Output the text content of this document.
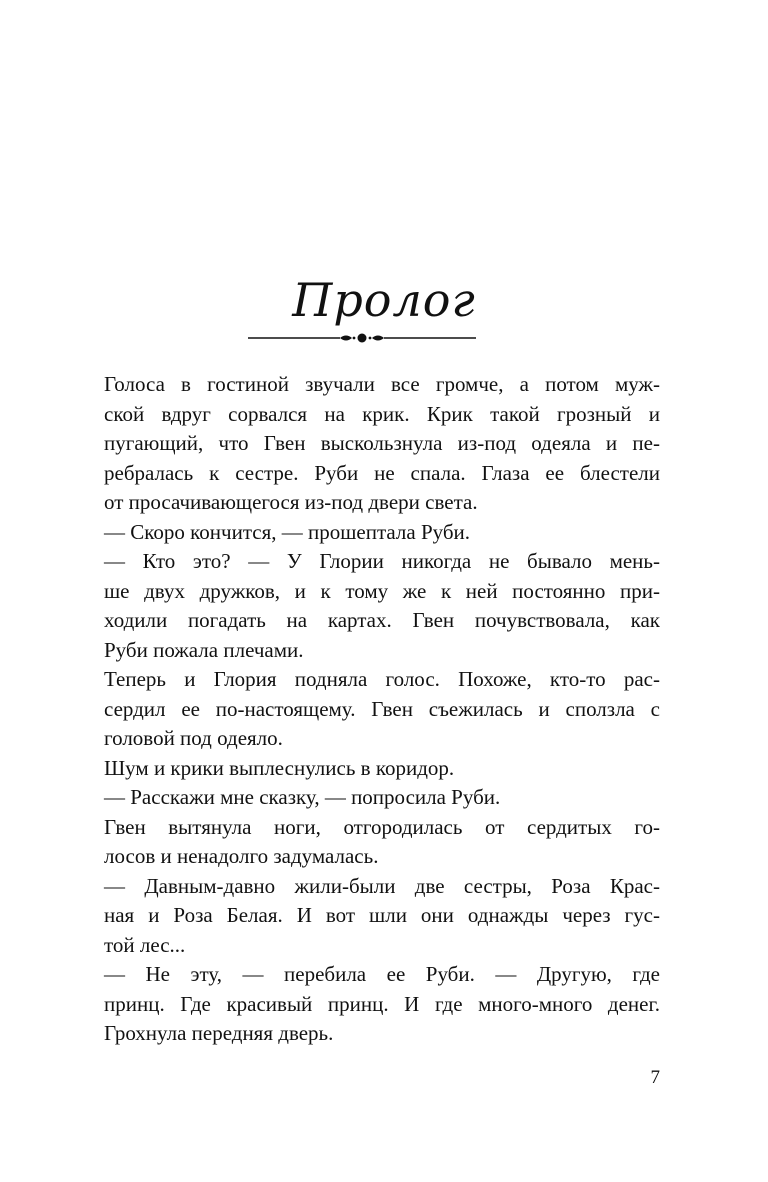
Пролог
Голоса в гостиной звучали все громче, а потом муж-
ской вдруг сорвался на крик. Крик такой грозный и
пугающий, что Гвен выскользнула из-под одеяла и пе-
ребралась к сестре. Руби не спала. Глаза ее блестели
от просачивающегося из-под двери света.
— Скоро кончится, — прошептала Руби.
— Кто это? — У Глории никогда не бывало мень-
ше двух дружков, и к тому же к ней постоянно при-
ходили погадать на картах. Гвен почувствовала, как
Руби пожала плечами.
Теперь и Глория подняла голос. Похоже, кто-то рас-
сердил ее по-настоящему. Гвен съежилась и сползла с
головой под одеяло.
Шум и крики выплеснулись в коридор.
— Расскажи мне сказку, — попросила Руби.
Гвен вытянула ноги, отгородилась от сердитых го-
лосов и ненадолго задумалась.
— Давным-давно жили-были две сестры, Роза Крас-
ная и Роза Белая. И вот шли они однажды через гус-
той лес...
— Не эту, — перебила ее Руби. — Другую, где
принц. Где красивый принц. И где много-много денег.
Грохнула передняя дверь.
7
